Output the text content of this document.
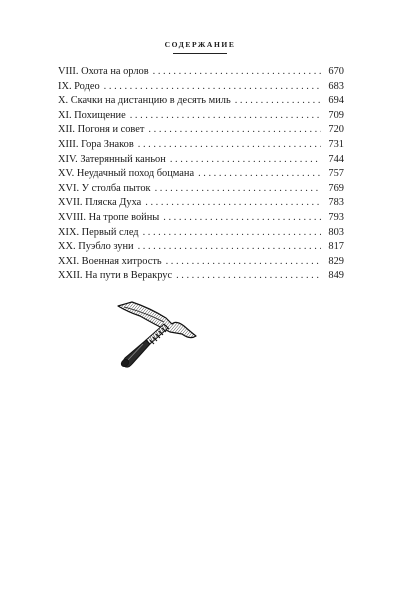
СОДЕРЖАНИЕ
VIII. Охота на орлов . . .	670
IX. Родео . . .	683
X. Скачки на дистанцию в десять миль . . .	694
XI. Похищение . . .	709
XII. Погоня и совет . . .	720
XIII. Гора Знаков . . .	731
XIV. Затерянный каньон . . .	744
XV. Неудачный поход боцмана . . .	757
XVI. У столба пыток . . .	769
XVII. Пляска Духа . . .	783
XVIII. На тропе войны . . .	793
XIX. Первый след . . .	803
XX. Пуэбло зуни . . .	817
XXI. Военная хитрость . . .	829
XXII. На пути в Веракрус . . .	849
